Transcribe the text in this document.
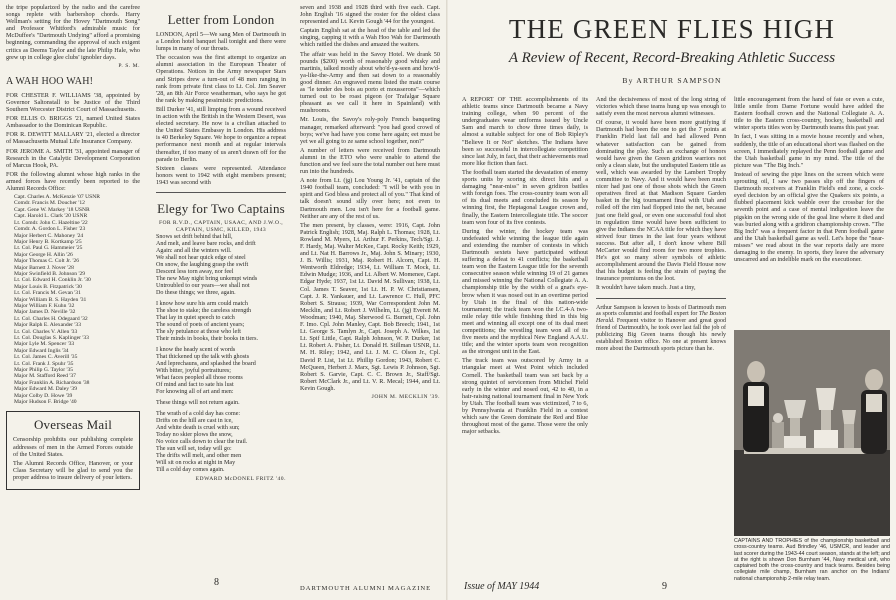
the tripe popularized by the radio and the carefree songs replete with barbershop chords. Harry Wellman's setting for the Hovey "Dartmouth Song" and Professor Whitford's admirable music for McDuffee's "Dartmouth Undying" afford a promising beginning, commanding the approval of such exigent critics as Deems Taylor and the late Philip Hale, who grew up in college glee clubs' ignobler days.

P. S. M.
A WAH HOO WAH!

FOR CHESTER F. WILLIAMS '38, appointed by Governor Saltonstall to be Justice of the Third Southern Worcester District Court of Massachusetts.

FOR ELLIS O. BRIGGS '21, named United States Ambassador to the Dominican Republic.

FOR R. DEWITT MALLARY '21, elected a director of Massachusetts Mutual Life Insurance Company.

FOR JEROME A. SMITH '31, appointed manager of Research in the Catalytic Development Corporation of Marcus Hook, PA.

FOR the following alumni whose high ranks in the armed forces have recently been reported to the Alumni Records Office:

Capt. Charles A. McKenzie '07 USNR
Comdr. Francis M. Doucher '12
Capt. Gene W. Markey '18 USNR
Capt. Harold L. Clark '20 USNR
Lt. Comdr. John C. Hazeltine '22
Comdr. A. Gordon L. Fisher '23
Major Herbert C. Mahoney '24
Major Henry B. Kortkamp '25
Lt. Col. Paul G. Hammeier '25
Major George H. Allin '26
Major Thomas C. Colt Jr. '26
Major Barnett J. Nover '28
Major Swinfield B. Johnson '29
Lt. Col. Edward H. Conklin Jr. '30
Major Louis B. Fitzpatrick '30
Lt. Col. Francis M. Gevan '31
Major William B. S. Hayden '31
Major William F. Kuhn '32
Major James D. Neville '32
Lt. Col. Charles H. Odegaard '32
Major Ralph E. Alexander '33
Lt. Col. Charles V. Allen '33
Lt. Col. Douglas S. Kaplinger '33
Major Lyle M. Spencer '33
Major Edward Inglis '34
Lt. Col. James C. Averill '35
Lt. Col. Frank J. Spuhr '35
Major Philip G. Taylor '35
Major M. Stafford Reed '37
Major Franklin A. Richardson '38
Major Edward M. Daley '39
Major Colby D. Howe '39
Major Hudson F. Bridge '40
Overseas Mail

Censorship prohibits our publishing complete addresses of men in the Armed Forces outside of the United States.

The Alumni Records Office, Hanover, or your Class Secretary will be glad to send you the proper address to insure delivery of your letters.

Letter from London

LONDON, April 5—We sang Men of Dartmouth in a London hotel banquet hall tonight and there were lumps in many of our throats.

The occasion was the first attempt to organize an alumni association in the European Theater of Operations. Notices in the Army newspaper Stars and Stripes drew a turn-out of 48 men ranging in rank from private first class to Lt. Col. Jim Seaver '28, an 8th Air Force weatherman, who says he got the rank by making pessimistic predictions.

Bill Durker '41, still limping from a wound received in action with the British in the Western Desert, was elected secretary. He now is a civilian attached to the United States Embassy in London. His address is 40 Berkeley Square. We hope to organize a repeat performance next month and at regular intervals thereafter, if too many of us aren't drawn off for the parade to Berlin.

Sixteen classes were represented. Attendance honors went to 1942 with eight members present; 1943 was second with

Elegy for Two Captains
FOR R.V.D., CAPTAIN, USAAC, AND J.W.O., CAPTAIN, USMC, KILLED, 1943
Snows set drift behind that hill,
And melt, and leave bare rocks, and drift
Again: and all the winters will.
We shall not hear quick edge of steel
On snow, the laughing grasp the swift
Descent less torn away, nor feel
The new May night bring unkempt winds
Untroubled to our years—we shall not
Do these things; we three, again.
I know how sure his arm could match
The shoe to stake; the careless strength
That lay in quiet speech to catch
The sound of poets of ancient years;
The sly petulance at those who left
Their minds in books, their books in tiers.
I know the heady scent of words
That thickened up the talk with ghosts
And leprechauns, and splashed the board
With bitter, joyful portraitures;
What faces peopled all those rooms
Of mind and fact to sate his lust
For knowing all of art and men:
These things will not return again.
The wrath of a cold day has come:
Drifts on the hill are cast in ice,
And white death is cruel with sun;
Today no skier plows the snow,
No voice calls down to clear the trail.
The sun will set, today will go:
The drifts will melt, and other men
Will sit on rocks at night in May
Till a cold day comes again.
EDWARD McDONEL FRITZ '40.

seven and 1938 and 1928 third with five each. Capt. John English '16 signed the roster for the oldest class represented and Lt. Kevin Gough '44 for the youngest.

Captain English sat at the head of the table and led the singing, capping it with a Wah Hoo Wah for Dartmouth which rattled the dishes and amazed the waiters.

The affair was held in the Savoy Hotel. We drank 50 pounds ($200) worth of reasonably good whisky and martinis, talked mostly about who'd-ya-seen and how'd-ya-like-the-Army and then sat down to a reasonably good dinner. An engraved menu listed the main course as "le tender des bois au porto et mousserons"—which turned out to be roast pigeon (or Trafalgar Square pheasant as we call it here in Spainland) with mushrooms.

Mr. Louis, the Savoy's roly-poly French banqueting manager, remarked afterward: "you had good crowd of boys; we've had have you come here again; eet must be yet we all going to ze same school together, non?"

A number of letters were received from Dartmouth alumni in the ETO who were unable to attend the function and we feel sure the total number out here must run into the hundreds.

A note from Lt. (jg) Lou Young Jr. '41, captain of the 1940 football team, concluded: "I will be with you in spirit and God bless and protect all of you." That kind of talk doesn't sound silly over here; not even to Dartmouth men. Lou isn't here for a football game. Neither are any of the rest of us.

The men present, by classes, were: 1916, Capt. John Patrick English; 1928, Maj. Ralph L. Thomas; 1928, Lt. Rowland M. Myers, Lt. Arthur F. Perkins, Tech/Sgt. J. F. Hardy, Maj. Walter McKee, Capt. Rocky Keith; 1929, and Lt. Nat H. Barrows Jr., Maj. John S. Minary; 1930, J. B. Willis; 1931, Maj. Robert H. Alcorn, Capt. H. Wentworth Eldredge; 1934, Lt. William T. Mock, Lt. Edwin Mudge; 1936, and Lt. Albert W. Momenee, Capt. Edgar Hyde; 1937, 1st Lt. David M. Sullivan; 1938, Lt. Col. James T. Seaver, 1st Lt. H. P. W. Christiansen, Capt. J. R. Yankauer, and Lt. Lawrence C. Hull, PFC Robert S. Strauss; 1939, War Correspondent John M. Mecklin, and Lt. Robert J. Wilhelm, Lt. (jg) Everett M. Woodman; 1940, Maj. Sherwood G. Burnett, Cpl. John F. Imo. Cpl. John Manley, Capt. Bob Breech; 1941, 1st Lt. George S. Tamlyn Jr., Capt. Joseph A. Wilkes, 1st Lt. Spif Little, Capt. Ralph Johnson, W. P. Durker, 1st Lt. Robert A. Fisher, Lt. Donald H. Stillman USNR, Lt. M. H. Riley; 1942, and Lt. J. M. C. Olson Jr., Cpl. David P. List, 1st Lt. Phillip Gordon; 1943, Robert C. McQueen, Herbert J. Marx, Sgt. Lewis P. Johnson, Sgt. Robert S. Garvie, Capt. C. C. Brown Jr., Staff/Sgt. Robert McClark Jr., and Lt. V. R. Mecal; 1944, and Lt. Kevin Gough.

JOHN M. MECKLIN '39.
8
DARTMOUTH ALUMNI MAGAZINE
THE GREEN FLIES HIGH
A Review of Recent, Record-Breaking Athletic Success
By ARTHUR SAMPSON

A REPORT OF THE accomplishments of its athletic teams since Dartmouth became a Navy training college, when 90 percent of the undergraduates wear uniforms issued by Uncle Sam and march to chow three times daily, is almost a suitable subject for one of Bob Ripley's "Believe It or Not" sketches. The Indians have been so successful in intercollegiate competition since last July, in fact, that their achievements read more like fiction than fact.

The football team started the devastation of enemy sports units by scoring six direct hits and a damaging "near-miss" in seven gridiron battles with foreign foes. The cross-country team won all of its dual meets and concluded its season by winning first, the Heptagonal League crown and, finally, the Eastern Intercollegiate title. The soccer team won four of its five contests.

During the winter, the hockey team was undefeated while winning the league title again and extending the number of contests in which Dartmouth sextets have participated without suffering a defeat to 41 conflicts; the basketball team won the Eastern League title for the seventh consecutive season while winning 19 of 21 games and missed winning the National Collegiate A. A. championship title by the width of a gnat's eye-brow when it was nosed out in an overtime period by Utah in the final of this nation-wide tournament; the track team won the I.C.4-A two-mile relay title while finishing third in this big meet and winning all except one of its dual meet competitions; the wrestling team won all of its five meets and the mythical New England A.A.U. title; and the winter sports team won recognition as the strongest unit in the East.

The track team was outscored by Army in a triangular meet at West Point which included Cornell. The basketball team was set back by a strong quintet of servicemen from Mitchel Field early in the winter and nosed out, 42 to 40, in a hair-raising national tournament final in New York by Utah. The football team was victimized, 7 to 6, by Pennsylvania at Franklin Field in a contest which saw the Green dominate the Red and Blue throughout most of the game. Those were the only major setbacks.

And the decisiveness of most of the long string of victories which these teams hung up was enough to satisfy even the most nervous alumni witnesses.

Of course, it would have been more gratifying if Dartmouth had been the one to get the 7 points at Franklin Field last fall and had allowed Penn whatever satisfaction can be gained from dominating the play. Such an exchange of honors would have given the Green gridiron warriors not only a clean slate, but the undisputed Eastern title as well, which was awarded by the Lambert Trophy committee to Navy. And it would have been much nicer had just one of those shots which the Green operatives fired at that Madison Square Garden basket in the big tournament final with Utah and rolled off the rim had flopped into the net, because just one field goal, or even one successful foul shot in regulation time would have been sufficient to give the Indians the NCAA title for which they have strived four times in the last four years without success. But after all, I don't know where Bill McCarter would find room for two more trophies. He's got so many silver symbols of athletic accomplishment around the Davis Field House now that his budget is feeling the strain of paying the insurance premiums on the loot.

It wouldn't have taken much. Just a tiny,

Arthur Sampson is known to hosts of Dartmouth men as sports columnist and football expert for The Boston Herald. Frequent visitor to Hanover and great good friend of Dartmouth's, he took over last fall the job of publicizing Big Green teams though his newly established Boston office. No one at present knows more about the Dartmouth sports picture than he.

little encouragement from the hand of fate or even a cute, little smile from Dame Fortune would have added the Eastern football crown and the National Collegiate A. A. title to the Eastern cross-country, hockey, basketball and winter sports titles won by Dartmouth teams this past year.

In fact, I was sitting in a movie house recently and when, suddenly, the title of an educational short was flashed on the screen, I immediately replayed the Penn football game and the Utah basketball game in my mind. The title of the picture was "The Big Inch."

Instead of sewing the pipe lines on the screen which were sprouting oil, I saw two passes slip off the fingers of Dartmouth receivers at Franklin Field's end zone, a cock-eyed decision by an official give the Quakers six points, a flubbed placement kick wabble over the crossbar for the seventh point and a case of mental indigestion leave the pigskin on the wrong side of the goal line where it died and was buried along with a gridiron championship crown. "The Big Inch" was a frequent factor in that Penn football game and the Utah basketball game as well. Let's hope the "near-misses" we read about in the war reports daily are more damaging to the enemy. In sports, they leave the adversary unscarred and an indelible mark on the executioner.

CAPTAINS AND TROPHIES of the championship basketball and cross-country teams. Aud Brindley '46, USMCR, and leader and last scorer during the 1943-44 court season, stands at the left; and at the right is shown Don Burnham '44, Navy medical unit, who captained both the cross-country and track teams. Besides being collegiate mile champ, Burnham ran anchor on the Indians' national championship 2-mile relay team.
Issue of MAY 1944	9
